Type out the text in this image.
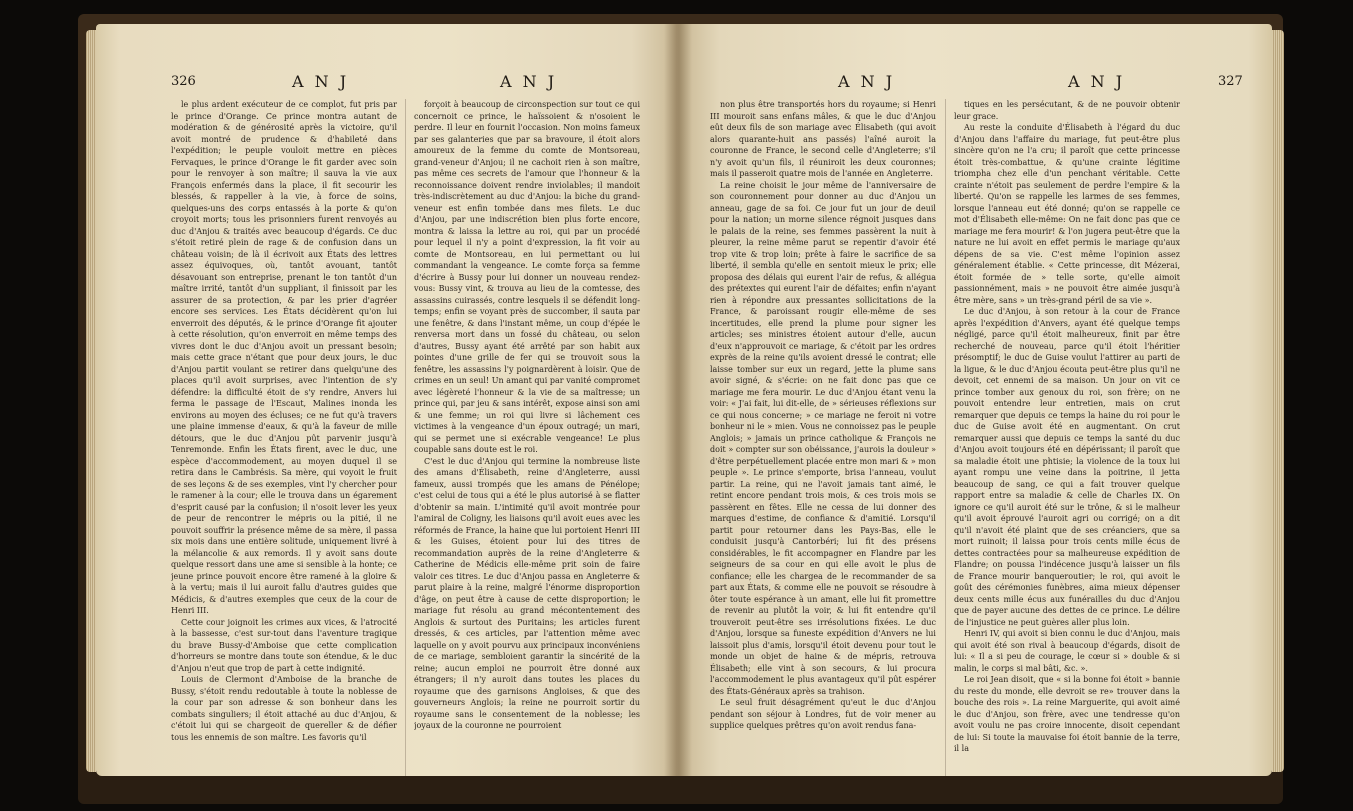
326	A N J	A N J

le plus ardent exécuteur de ce complot, fut pris par le prince d'Orange. Ce prince montra autant de modération & de générosité après la victoire, qu'il avoit montré de prudence & d'habileté dans l'expédition; le peuple vouloit mettre en pièces Fervaques, le prince d'Orange le fit garder avec soin pour le renvoyer à son maître; il sauva la vie aux François enfermés dans la place, il fit secourir les blessés, & rappeller à la vie, à force de soins, quelques-uns des corps entassés à la porte & qu'on croyoit morts; tous les prisonniers furent renvoyés au duc d'Anjou & traités avec beaucoup d'égards. Ce duc s'étoit retiré plein de rage & de confusion dans un château voisin; de là il écrivoit aux États des lettres assez équivoques, où, tantôt avouant, tantôt désavouant son entreprise, prenant le ton tantôt d'un maître irrité, tantôt d'un suppliant, il finissoit par les assurer de sa protection, & par les prier d'agréer encore ses services. Les États décidèrent qu'on lui enverroit des députés, & le prince d'Orange fit ajouter à cette résolution, qu'on enverroit en même temps des vivres dont le duc d'Anjou avoit un pressant besoin; mais cette grace n'étant que pour deux jours, le duc d'Anjou partit voulant se retirer dans quelqu'une des places qu'il avoit surprises, avec l'intention de s'y défendre: la difficulté étoit de s'y rendre, Anvers lui ferma le passage de l'Escaut, Malines inonda les environs au moyen des écluses; ce ne fut qu'à travers une plaine immense d'eaux, & qu'à la faveur de mille détours, que le duc d'Anjou pût parvenir jusqu'à Tenremonde. Enfin les États firent, avec le duc, une espèce d'accommodement, au moyen duquel il se retira dans le Cambrésis. Sa mère, qui voyoit le fruit de ses leçons & de ses exemples, vint l'y chercher pour le ramener à la cour; elle le trouva dans un égarement d'esprit causé par la confusion; il n'osoit lever les yeux de peur de rencontrer le mépris ou la pitié, il ne pouvoit souffrir la présence même de sa mère, il passa six mois dans une entière solitude, uniquement livré à la mélancolie & aux remords. Il y avoit sans doute quelque ressort dans une ame si sensible à la honte; ce jeune prince pouvoit encore être ramené à la gloire & à la vertu; mais il lui auroit fallu d'autres guides que Médicis, & d'autres exemples que ceux de la cour de Henri III.

Cette cour joignoit les crimes aux vices, & l'atrocité à la bassesse, c'est sur-tout dans l'aventure tragique du brave Bussy-d'Amboise que cette complication d'horreurs se montre dans toute son étendue, & le duc d'Anjou n'eut que trop de part à cette indignité.

Louis de Clermont d'Amboise de la branche de Bussy, s'étoit rendu redoutable à toute la noblesse de la cour par son adresse & son bonheur dans les combats singuliers; il étoit attaché au duc d'Anjou, & c'étoit lui qui se chargeoit de quereller & de défier tous les ennemis de son maître. Les favoris qu'il

forçoit à beaucoup de circonspection sur tout ce qui concernoit ce prince, le haïssoient & n'osoient le perdre. Il leur en fournit l'occasion. Non moins fameux par ses galanteries que par sa bravoure, il étoit alors amoureux de la femme du comte de Montsoreau, grand-veneur d'Anjou; il ne cachoit rien à son maître, pas même ces secrets de l'amour que l'honneur & la reconnoissance doivent rendre inviolables; il mandoit très-indiscrètement au duc d'Anjou: la biche du grand-veneur est enfin tombée dans mes filets. Le duc d'Anjou, par une indiscrétion bien plus forte encore, montra & laissa la lettre au roi, qui par un procédé pour lequel il n'y a point d'expression, la fit voir au comte de Montsoreau, en lui permettant ou lui commandant la vengeance. Le comte força sa femme d'écrire à Bussy pour lui donner un nouveau rendez-vous: Bussy vint, & trouva au lieu de la comtesse, des assassins cuirassés, contre lesquels il se défendit long-temps; enfin se voyant près de succomber, il sauta par une fenêtre, & dans l'instant même, un coup d'épée le renversa mort dans un fossé du château, ou selon d'autres, Bussy ayant été arrêté par son habit aux pointes d'une grille de fer qui se trouvoit sous la fenêtre, les assassins l'y poignardèrent à loisir. Que de crimes en un seul! Un amant qui par vanité compromet avec légèreté l'honneur & la vie de sa maîtresse; un prince qui, par jeu & sans intérêt, expose ainsi son ami & une femme; un roi qui livre si lâchement ces victimes à la vengeance d'un époux outragé; un mari, qui se permet une si exécrable vengeance! Le plus coupable sans doute est le roi.

C'est le duc d'Anjou qui termine la nombreuse liste des amans d'Élisabeth, reine d'Angleterre, aussi fameux, aussi trompés que les amans de Pénélope; c'est celui de tous qui a été le plus autorisé à se flatter d'obtenir sa main. L'intimité qu'il avoit montrée pour l'amiral de Coligny, les liaisons qu'il avoit eues avec les réformés de France, la haine que lui portoient Henri III & les Guises, étoient pour lui des titres de recommandation auprès de la reine d'Angleterre & Catherine de Médicis elle-même prit soin de faire valoir ces titres. Le duc d'Anjou passa en Angleterre & parut plaire à la reine, malgré l'énorme disproportion d'âge, on peut être à cause de cette disproportion; le mariage fut résolu au grand mécontentement des Anglois & surtout des Puritains; les articles furent dressés, & ces articles, par l'attention même avec laquelle on y avoit pourvu aux principaux inconvéniens de ce mariage, sembloient garantir la sincérité de la reine; aucun emploi ne pourroit être donné aux étrangers; il n'y auroit dans toutes les places du royaume que des garnisons Angloises, & que des gouverneurs Anglois; la reine ne pourroit sortir du royaume sans le consentement de la noblesse; les joyaux de la couronne ne pourroient

A N J	A N J	327

non plus être transportés hors du royaume; si Henri III mouroit sans enfans mâles, & que le duc d'Anjou eût deux fils de son mariage avec Élisabeth (qui avoit alors quarante-huit ans passés) l'aîné auroit la couronne de France, le second celle d'Angleterre; s'il n'y avoit qu'un fils, il réuniroit les deux couronnes; mais il passeroit quatre mois de l'année en Angleterre.

La reine choisit le jour même de l'anniversaire de son couronnement pour donner au duc d'Anjou un anneau, gage de sa foi. Ce jour fut un jour de deuil pour la nation; un morne silence régnoit jusques dans le palais de la reine, ses femmes passèrent la nuit à pleurer, la reine même parut se repentir d'avoir été trop vite & trop loin; prête à faire le sacrifice de sa liberté, il sembla qu'elle en sentoit mieux le prix; elle proposa des délais qui eurent l'air de refus, & allégua des prétextes qui eurent l'air de défaites; enfin n'ayant rien à répondre aux pressantes sollicitations de la France, & paroissant rougir elle-même de ses incertitudes, elle prend la plume pour signer les articles; ses ministres étoient autour d'elle, aucun d'eux n'approuvoit ce mariage, & c'étoit par les ordres exprès de la reine qu'ils avoient dressé le contrat; elle laisse tomber sur eux un regard, jette la plume sans avoir signé, & s'écrie: on ne fait donc pas que ce mariage me fera mourir. Le duc d'Anjou étant venu la voir: « J'ai fait, lui dit-elle, de » sérieuses réflexions sur ce qui nous concerne; » ce mariage ne feroit ni votre bonheur ni le » mien. Vous ne connoissez pas le peuple Anglois; » jamais un prince catholique & François ne doit » compter sur son obéissance, j'aurois la douleur » d'être perpétuellement placée entre mon mari & » mon peuple ». Le prince s'emporte, brisa l'anneau, voulut partir. La reine, qui ne l'avoit jamais tant aimé, le retint encore pendant trois mois, & ces trois mois se passèrent en fêtes. Elle ne cessa de lui donner des marques d'estime, de confiance & d'amitié. Lorsqu'il partit pour retourner dans les Pays-Bas, elle le conduisit jusqu'à Cantorbéri; lui fit des présens considérables, le fit accompagner en Flandre par les seigneurs de sa cour en qui elle avoit le plus de confiance; elle les chargea de le recommander de sa part aux États, & comme elle ne pouvoit se résoudre à ôter toute espérance à un amant, elle lui fit promettre de revenir au plutôt la voir, & lui fit entendre qu'il trouveroit peut-être ses irrésolutions fixées. Le duc d'Anjou, lorsque sa funeste expédition d'Anvers ne lui laissoit plus d'amis, lorsqu'il étoit devenu pour tout le monde un objet de haine & de mépris, retrouva Élisabeth; elle vint à son secours, & lui procura l'accommodement le plus avantageux qu'il pût espérer des États-Généraux après sa trahison.

Le seul fruit désagrément qu'eut le duc d'Anjou pendant son séjour à Londres, fut de voir mener au supplice quelques prêtres qu'on avoit rendus fana-

tiques en les persécutant, & de ne pouvoir obtenir leur grace.

Au reste la conduite d'Élisabeth à l'égard du duc d'Anjou dans l'affaire du mariage, fut peut-être plus sincère qu'on ne l'a cru; il paroît que cette princesse étoit très-combattue, & qu'une crainte légitime triompha chez elle d'un penchant véritable. Cette crainte n'étoit pas seulement de perdre l'empire & la liberté. Qu'on se rappelle les larmes de ses femmes, lorsque l'anneau eut été donné; qu'on se rappelle ce mot d'Élisabeth elle-même: On ne fait donc pas que ce mariage me fera mourir! & l'on jugera peut-être que la nature ne lui avoit en effet permis le mariage qu'aux dépens de sa vie. C'est même l'opinion assez généralement établie. « Cette princesse, dit Mézerai, étoit formée de » telle sorte, qu'elle aimoit passionnément, mais » ne pouvoit être aimée jusqu'à être mère, sans » un très-grand péril de sa vie ».

Le duc d'Anjou, à son retour à la cour de France après l'expédition d'Anvers, ayant été quelque temps négligé, parce qu'il étoit malheureux, finit par être recherché de nouveau, parce qu'il étoit l'héritier présomptif; le duc de Guise voulut l'attirer au parti de la ligue, & le duc d'Anjou écouta peut-être plus qu'il ne devoit, cet ennemi de sa maison. Un jour on vit ce prince tomber aux genoux du roi, son frère; on ne pouvoit entendre leur entretien, mais on crut remarquer que depuis ce temps la haine du roi pour le duc de Guise avoit été en augmentant. On crut remarquer aussi que depuis ce temps la santé du duc d'Anjou avoit toujours été en dépérissant; il paroît que sa maladie étoit une phtisie; la violence de la toux lui ayant rompu une veine dans la poitrine, il jetta beaucoup de sang, ce qui a fait trouver quelque rapport entre sa maladie & celle de Charles IX. On ignore ce qu'il auroit été sur le trône, & si le malheur qu'il avoit éprouvé l'auroit agri ou corrigé; on a dit qu'il n'avoit été plaint que de ses créanciers, que sa mort ruinoit; il laissa pour trois cents mille écus de dettes contractées pour sa malheureuse expédition de Flandre; on poussa l'indécence jusqu'à laisser un fils de France mourir banqueroutier; le roi, qui avoit le goût des cérémonies funèbres, aima mieux dépenser deux cents mille écus aux funérailles du duc d'Anjou que de payer aucune des dettes de ce prince. Le délire de l'injustice ne peut guères aller plus loin.

Henri IV, qui avoit si bien connu le duc d'Anjou, mais qui avoit été son rival à beaucoup d'égards, disoit de lui: « Il a si peu de courage, le cœur si » double & si malin, le corps si mal bâti, &c. ».

Le roi Jean disoit, que « si la bonne foi étoit » bannie du reste du monde, elle devroit se re» trouver dans la bouche des rois ». La reine Marguerite, qui avoit aimé le duc d'Anjou, son frère, avec une tendresse qu'on avoit voulu ne pas croire innocente, disoit cependant de lui: Si toute la mauvaise foi étoit bannie de la terre, il la
